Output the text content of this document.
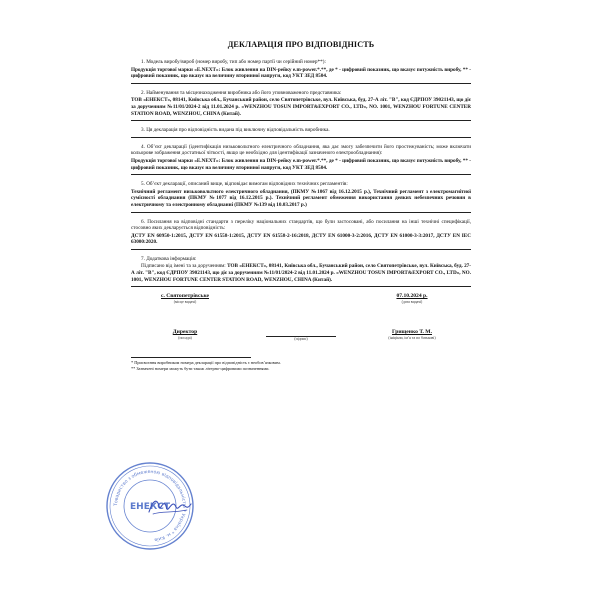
ДЕКЛАРАЦІЯ ПРО ВІДПОВІДНІСТЬ
1. Модель виробу/вироб (номер виробу, тип або номер партії чи серійний номер**):
Продукція торгової марки «E.NEXT»: Блок живлення на DIN-рейку e.m-power.*.**, де * - цифровий показник, що вказує потужність виробу, ** - цифровий показник, що вказує на величину вторинної напруги, код УКТ ЗЕД 8504.
2. Найменування та місцезнаходження виробника або його уповноваженого представника:
ТОВ «ЕНЕКСТ», 08141, Київська обл., Бучанський район, село Святопетрівське, вул. Київська, буд. 27-А літ. "В", код ЄДРПОУ 39021143, що діє за дорученням №11/01/2024-2 від 11.01.2024 р. «WENZHOU TOSUN IMPORT&EXPORT CO., LTD», NO. 1001, WENZHOU FORTUNE CENTER STATION ROAD, WENZHOU, CHINA (Китай).
3. Ця декларація про відповідність видана під виключну відповідальність виробника.
4. Об’єкт декларації (ідентифікація низьковольтного електричного обладнання, яка дає змогу забезпечити його простежуваність; може включати кольорове зображення достатньої чіткості, якщо це необхідно для ідентифікації зазначеного електрообладнання):
Продукція торгової марки «E.NEXT»: Блок живлення на DIN-рейку e.m-power.*.**, де * - цифровий показник, що вказує потужність виробу, ** - цифровий показник, що вказує на величину вторинної напруги, код УКТ ЗЕД 8504.
5. Об’єкт декларації, описаний вище, відповідає вимогам відповідних технічних регламентів:
Технічний регламент низьковольтного електричного обладнання, (ПКМУ №1067 від 16.12.2015 р.), Технічний регламент з електромагнітної сумісності обладнання (ПКМУ №1077 від 16.12.2015 р.). Технічний регламент обмеження використання деяких небезпечних речовин в електричному та електронному обладнанні (ПКМУ №139 від 10.03.2017 р.)
6. Посилання на відповідні стандарти з переліку національних стандартів, що були застосовані, або посилання на інші технічні специфікації, стосовно яких декларується відповідність:
ДСТУ EN 60950-1:2015, ДСТУ EN 61558-1:2015, ДСТУ EN 61558-2-16:2018, ДСТУ EN 61000-3-2:2016, ДСТУ EN 61000-3-3:2017, ДСТУ EN IEC 63000:2020.
7. Додаткова інформація:
Підписано від імені та за дорученням: ТОВ «ЕНЕКСТ», 08141, Київська обл., Бучанський район, село Святопетрівське, вул. Київська, буд. 27-А літ. "В", код ЄДРПОУ 39021143, що діє за дорученням №11/01/2024-2 від 11.01.2024 р. «WENZHOU TOSUN IMPORT&EXPORT CO., LTD», NO. 1001, WENZHOU FORTUNE CENTER STATION ROAD, WENZHOU, CHINA (Китай).
с. Святопетрівське
(місце видачі)
07.10.2024 р.
(дата видачі)
Директор
(посада)	(підпис)
Грищенко Т. М.
(ініціали, ім’я та по батькові)
* Присвоєння виробником номера декларації про відповідність є необов’язковим.
** Зазначені номери можуть бути також літерно-цифровими позначеннями.
Товариство з обмеженою відповідальністю * Україна * м. Київ
ЕНЕКСТ
